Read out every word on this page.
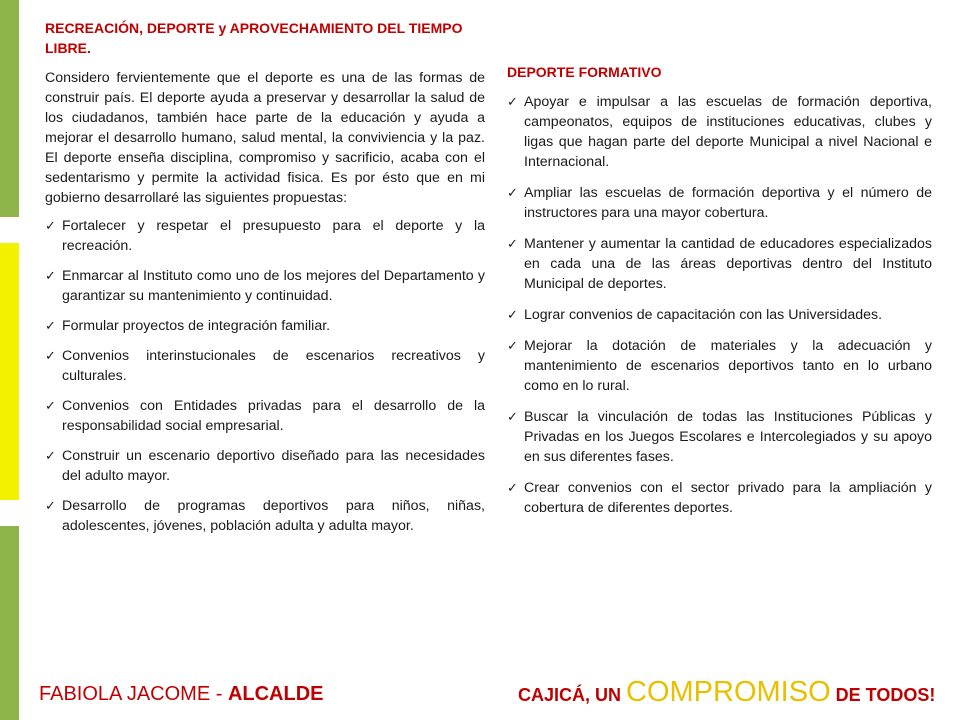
RECREACIÓN, DEPORTE y APROVECHAMIENTO DEL TIEMPO LIBRE.

Considero fervientemente que el deporte es una de las formas de construir país. El deporte ayuda a preservar y desarrollar la salud de los ciudadanos, también hace parte de la educación y ayuda a mejorar el desarrollo humano, salud mental, la conviviencia y la paz. El deporte enseña disciplina, compromiso y sacrificio, acaba con el sedentarismo y permite la actividad fisica. Es por ésto que en mi gobierno desarrollaré las siguientes propuestas:

✓ Fortalecer y respetar el presupuesto para el deporte y la recreación.
✓ Enmarcar al Instituto como uno de los mejores del Departamento y garantizar su mantenimiento y continuidad.
✓ Formular proyectos de integración familiar.
✓ Convenios interinstucionales de escenarios recreativos y culturales.
✓ Convenios con Entidades privadas para el desarrollo de la responsabilidad social empresarial.
✓ Construir un escenario deportivo diseñado para las necesidades del adulto mayor.
✓ Desarrollo de programas deportivos para niños, niñas, adolescentes, jóvenes, población adulta y adulta mayor.

DEPORTE FORMATIVO

✓ Apoyar e impulsar a las escuelas de formación deportiva, campeonatos, equipos de instituciones educativas, clubes y ligas que hagan parte del deporte Municipal a nivel Nacional e Internacional.
✓ Ampliar las escuelas de formación deportiva y el número de instructores para una mayor cobertura.
✓ Mantener y aumentar la cantidad de educadores especializados en cada una de las áreas deportivas dentro del Instituto Municipal de deportes.
✓ Lograr convenios de capacitación con las Universidades.
✓ Mejorar la dotación de materiales y la adecuación y mantenimiento de escenarios deportivos tanto en lo urbano como en lo rural.
✓ Buscar la vinculación de todas las Instituciones Públicas y Privadas en los Juegos Escolares e Intercolegiados y su apoyo en sus diferentes fases.
✓ Crear convenios con el sector privado para la ampliación y cobertura de diferentes deportes.
FABIOLA JACOME - ALCALDE	CAJICÁ, UN COMPROMISO DE TODOS!
